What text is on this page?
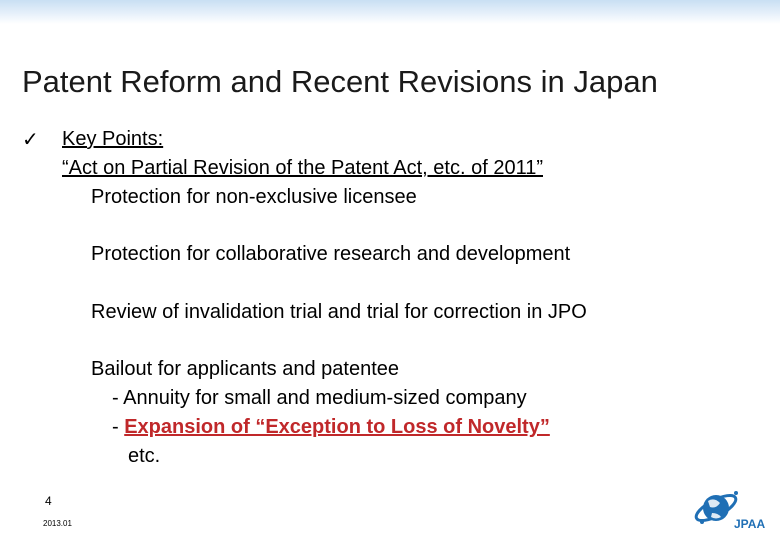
Patent Reform and Recent Revisions in Japan
✓ Key Points:
“Act on Partial Revision of the Patent Act, etc. of 2011”
Protection for non-exclusive licensee
Protection for collaborative research and development
Review of invalidation trial and trial for correction in JPO
Bailout for applicants and patentee
- Annuity for small and medium-sized company
- Expansion of “Exception to Loss of Novelty”
etc.
4
2013.01	JPAA
